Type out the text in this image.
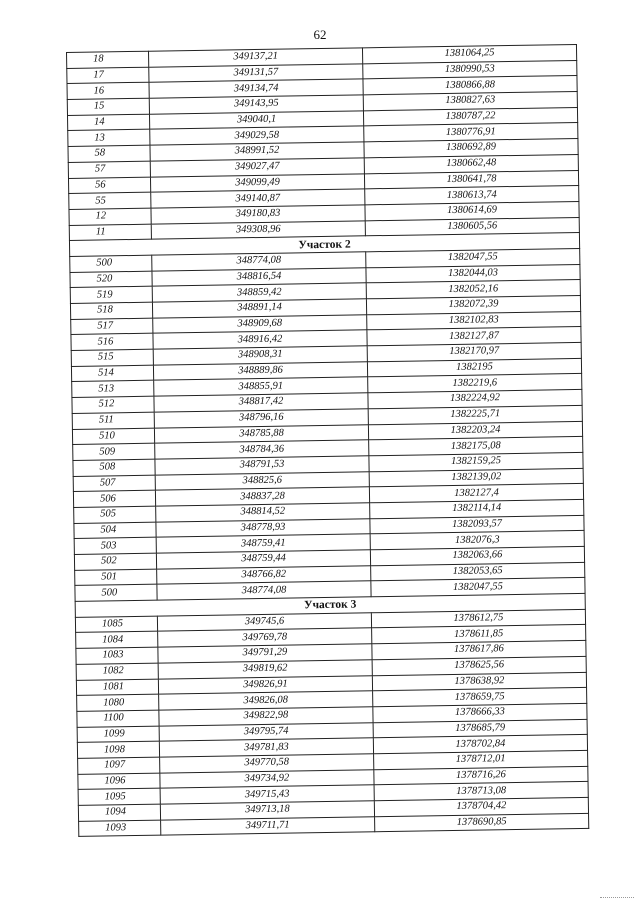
62
18	349137,21	1381064,25
17	349131,57	1380990,53
16	349134,74	1380866,88
15	349143,95	1380827,63
14	349040,1	1380787,22
13	349029,58	1380776,91
58	348991,52	1380692,89
57	349027,47	1380662,48
56	349099,49	1380641,78
55	349140,87	1380613,74
12	349180,83	1380614,69
11	349308,96	1380605,56
Участок 2		
500	348774,08	1382047,55
520	348816,54	1382044,03
519	348859,42	1382052,16
518	348891,14	1382072,39
517	348909,68	1382102,83
516	348916,42	1382127,87
515	348908,31	1382170,97
514	348889,86	1382195
513	348855,91	1382219,6
512	348817,42	1382224,92
511	348796,16	1382225,71
510	348785,88	1382203,24
509	348784,36	1382175,08
508	348791,53	1382159,25
507	348825,6	1382139,02
506	348837,28	1382127,4
505	348814,52	1382114,14
504	348778,93	1382093,57
503	348759,41	1382076,3
502	348759,44	1382063,66
501	348766,82	1382053,65
500	348774,08	1382047,55
Участок 3		
1085	349745,6	1378612,75
1084	349769,78	1378611,85
1083	349791,29	1378617,86
1082	349819,62	1378625,56
1081	349826,91	1378638,92
1080	349826,08	1378659,75
1100	349822,98	1378666,33
1099	349795,74	1378685,79
1098	349781,83	1378702,84
1097	349770,58	1378712,01
1096	349734,92	1378716,26
1095	349715,43	1378713,08
1094	349713,18	1378704,42
1093	349711,71	1378690,85
